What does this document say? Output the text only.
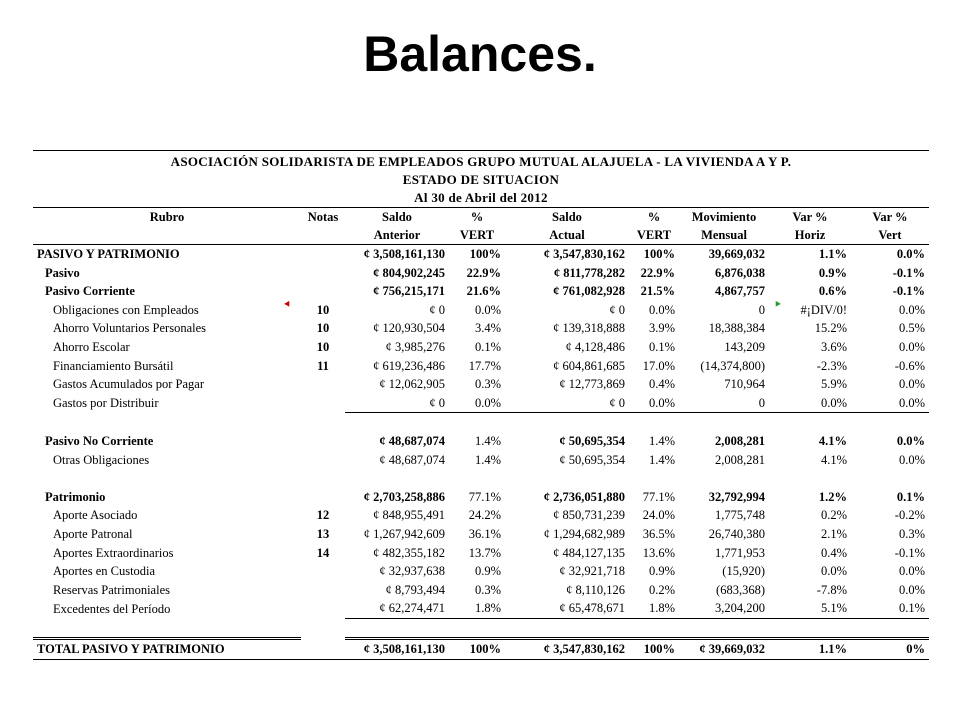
Balances.
ASOCIACIÓN SOLIDARISTA DE EMPLEADOS GRUPO MUTUAL ALAJUELA - LA VIVIENDA A Y P.
ESTADO DE SITUACION
Al 30 de Abril del 2012
Rubro	Notas	Saldo	%	Saldo	%	Movimiento	Var %	Var %
		Anterior	VERT	Actual	VERT	Mensual	Horiz	Vert
PASIVO Y PATRIMONIO		¢ 3,508,161,130	100%	¢ 3,547,830,162	100%	39,669,032	1.1%	0.0%
Pasivo		¢ 804,902,245	22.9%	¢ 811,778,282	22.9%	6,876,038	0.9%	-0.1%
Pasivo Corriente		¢ 756,215,171	21.6%	¢ 761,082,928	21.5%	4,867,757	0.6%	-0.1%
Obligaciones con Empleados	10	¢ 0	0.0%	¢ 0	0.0%	0	#¡DIV/0!	0.0%
Ahorro Voluntarios Personales	10	¢ 120,930,504	3.4%	¢ 139,318,888	3.9%	18,388,384	15.2%	0.5%
Ahorro Escolar	10	¢ 3,985,276	0.1%	¢ 4,128,486	0.1%	143,209	3.6%	0.0%
Financiamiento Bursátil	11	¢ 619,236,486	17.7%	¢ 604,861,685	17.0%	(14,374,800)	-2.3%	-0.6%
Gastos Acumulados por Pagar		¢ 12,062,905	0.3%	¢ 12,773,869	0.4%	710,964	5.9%	0.0%
Gastos por Distribuir		¢ 0	0.0%	¢ 0	0.0%	0	0.0%	0.0%

Pasivo No Corriente		¢ 48,687,074	1.4%	¢ 50,695,354	1.4%	2,008,281	4.1%	0.0%
Otras Obligaciones		¢ 48,687,074	1.4%	¢ 50,695,354	1.4%	2,008,281	4.1%	0.0%

Patrimonio		¢ 2,703,258,886	77.1%	¢ 2,736,051,880	77.1%	32,792,994	1.2%	0.1%
Aporte Asociado	12	¢ 848,955,491	24.2%	¢ 850,731,239	24.0%	1,775,748	0.2%	-0.2%
Aporte Patronal	13	¢ 1,267,942,609	36.1%	¢ 1,294,682,989	36.5%	26,740,380	2.1%	0.3%
Aportes Extraordinarios	14	¢ 482,355,182	13.7%	¢ 484,127,135	13.6%	1,771,953	0.4%	-0.1%
Aportes en Custodia		¢ 32,937,638	0.9%	¢ 32,921,718	0.9%	(15,920)	0.0%	0.0%
Reservas Patrimoniales		¢ 8,793,494	0.3%	¢ 8,110,126	0.2%	(683,368)	-7.8%	0.0%
Excedentes del Período		¢ 62,274,471	1.8%	¢ 65,478,671	1.8%	3,204,200	5.1%	0.1%

TOTAL PASIVO Y PATRIMONIO		¢ 3,508,161,130	100%	¢ 3,547,830,162	100%	¢ 39,669,032	1.1%	0%
